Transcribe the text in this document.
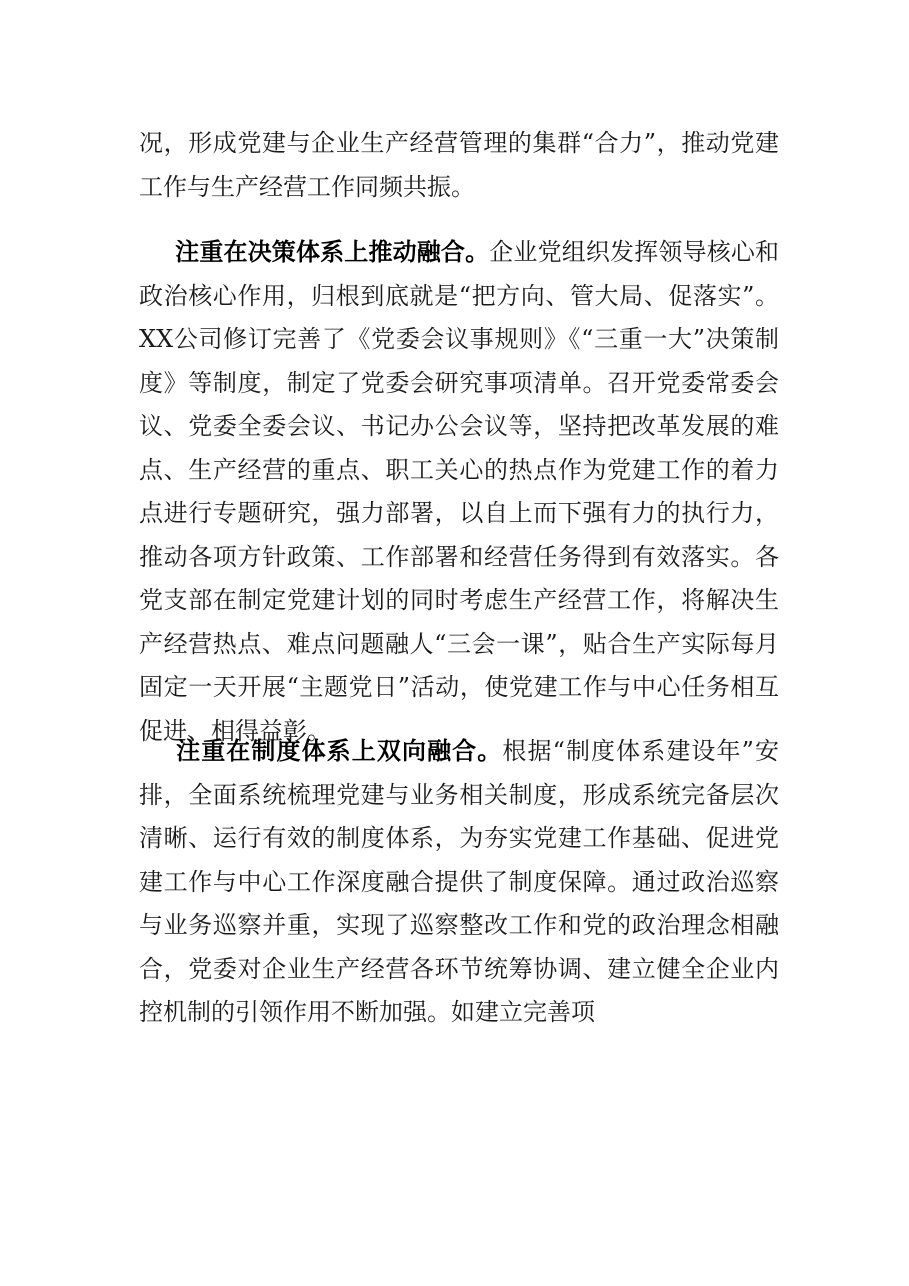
况，形成党建与企业生产经营管理的集群“合力”，推动党建工作与生产经营工作同频共振。

注重在决策体系上推动融合。企业党组织发挥领导核心和政治核心作用，归根到底就是“把方向、管大局、促落实”。XX公司修订完善了《党委会议事规则》《“三重一大”决策制度》等制度，制定了党委会研究事项清单。召开党委常委会议、党委全委会议、书记办公会议等，坚持把改革发展的难点、生产经营的重点、职工关心的热点作为党建工作的着力点进行专题研究，强力部署，以自上而下强有力的执行力，推动各项方针政策、工作部署和经营任务得到有效落实。各党支部在制定党建计划的同时考虑生产经营工作，将解决生产经营热点、难点问题融人“三会一课”，贴合生产实际每月固定一天开展“主题党日”活动，使党建工作与中心任务相互促进、相得益彰。

注重在制度体系上双向融合。根据“制度体系建设年”安排，全面系统梳理党建与业务相关制度，形成系统完备层次清晰、运行有效的制度体系，为夯实党建工作基础、促进党建工作与中心工作深度融合提供了制度保障。通过政治巡察与业务巡察并重，实现了巡察整改工作和党的政治理念相融合，党委对企业生产经营各环节统筹协调、建立健全企业内控机制的引领作用不断加强。如建立完善项
